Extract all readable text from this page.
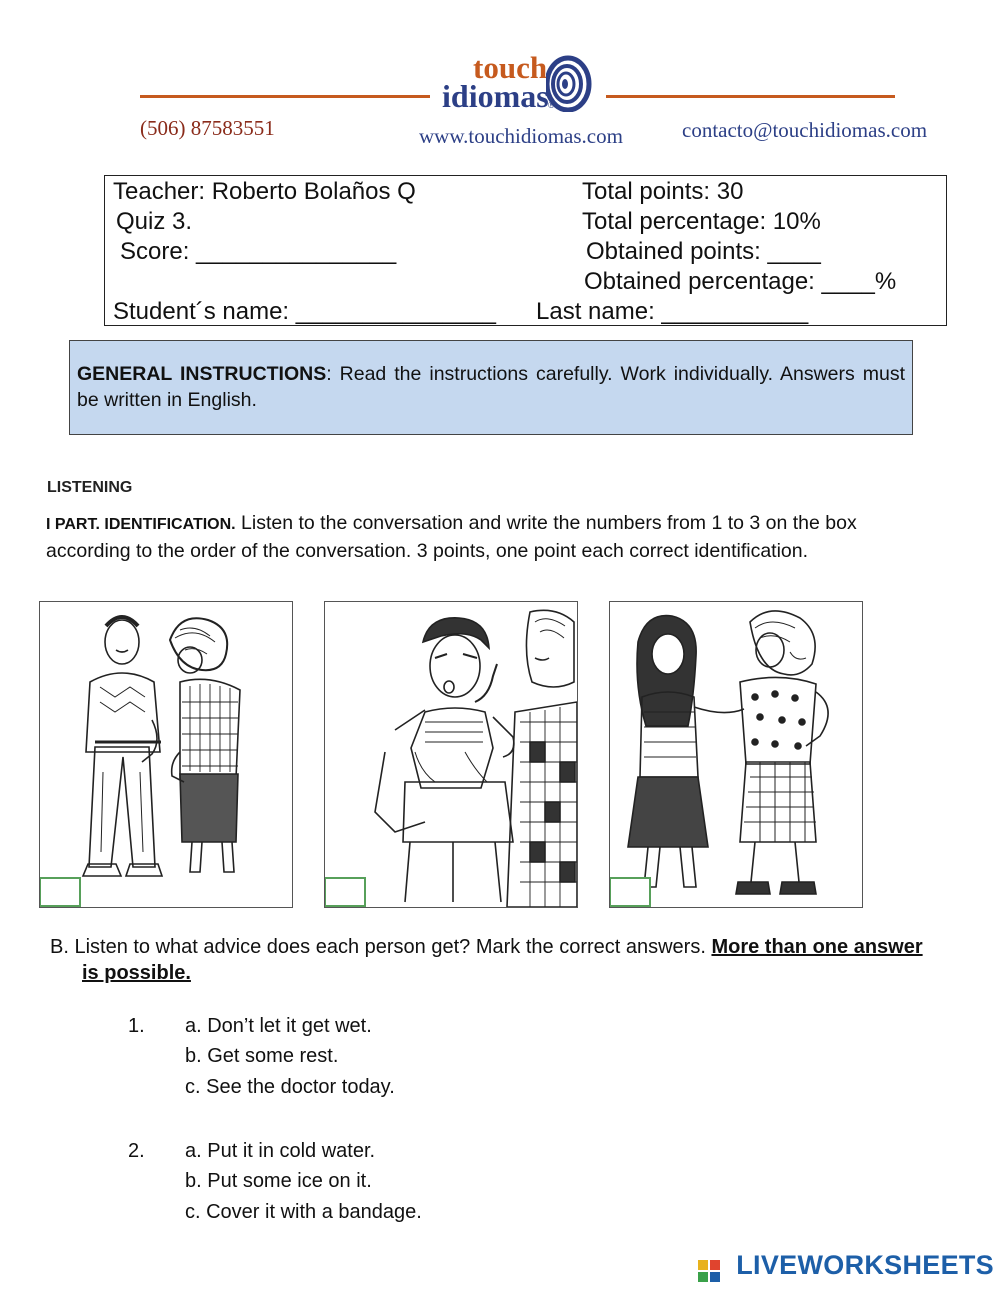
touch
idiomas ®
(506) 87583551	www.touchidiomas.com	contacto@touchidiomas.com
Teacher: Roberto Bolaños Q
Quiz 3.
Score: _______________
Total points: 30
Total percentage: 10%
Obtained points: ____
Obtained percentage: ____%
Student´s name: _______________ Last name: ___________
GENERAL INSTRUCTIONS: Read the instructions carefully. Work individually. Answers must be written in English.
LISTENING
I PART. IDENTIFICATION. Listen to the conversation and write the numbers from 1 to 3 on the box according to the order of the conversation. 3 points, one point each correct identification.
B. Listen to what advice does each person get? Mark the correct answers. More than one answer is possible.
1. a. Don’t let it get wet.
b. Get some rest.
c. See the doctor today.
2. a. Put it in cold water.
b. Put some ice on it.
c. Cover it with a bandage.
LIVEWORKSHEETS
